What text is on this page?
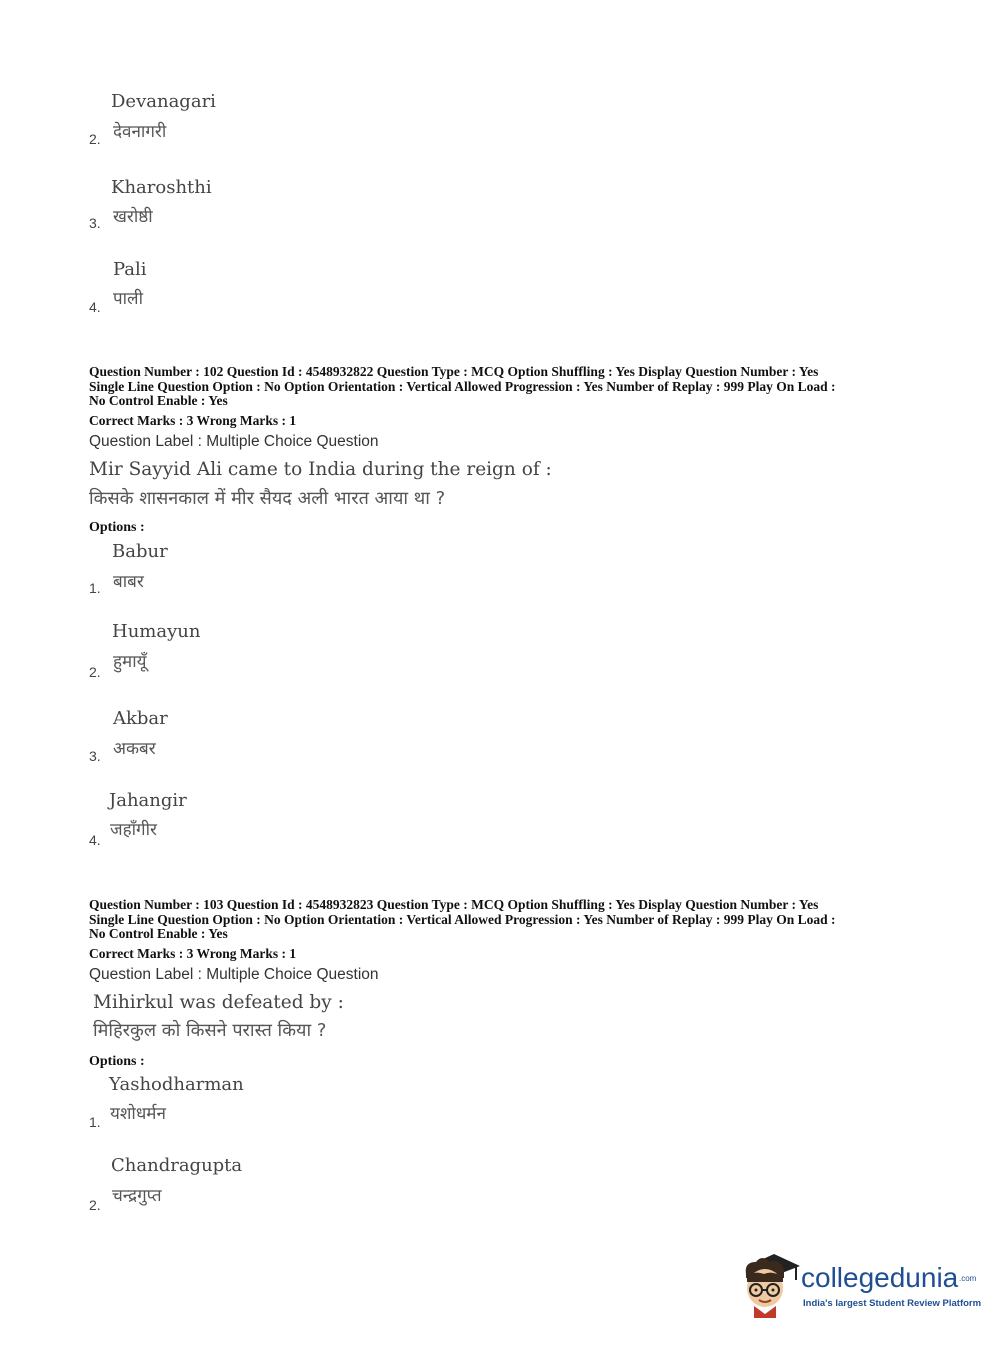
Devanagari
देवनागरी
2.
Kharoshthi
खरोष्ठी
3.
Pali
पाली
4.
Question Number : 102 Question Id : 4548932822 Question Type : MCQ Option Shuffling : Yes Display Question Number : Yes
Single Line Question Option : No Option Orientation : Vertical Allowed Progression : Yes Number of Replay : 999 Play On Load :
No Control Enable : Yes
Correct Marks : 3 Wrong Marks : 1
Question Label : Multiple Choice Question
Mir Sayyid Ali came to India during the reign of :
किसके शासनकाल में मीर सैयद अली भारत आया था ?
Options :
Babur
बाबर
1.
Humayun
हुमायूँ
2.
Akbar
अकबर
3.
Jahangir
जहाँगीर
4.
Question Number : 103 Question Id : 4548932823 Question Type : MCQ Option Shuffling : Yes Display Question Number : Yes
Single Line Question Option : No Option Orientation : Vertical Allowed Progression : Yes Number of Replay : 999 Play On Load :
No Control Enable : Yes
Correct Marks : 3 Wrong Marks : 1
Question Label : Multiple Choice Question
Mihirkul was defeated by :
मिहिरकुल को किसने परास्त किया ?
Options :
Yashodharman
यशोधर्मन
1.
Chandragupta
चन्द्रगुप्त
2.
collegedunia .com
India's largest Student Review Platform
